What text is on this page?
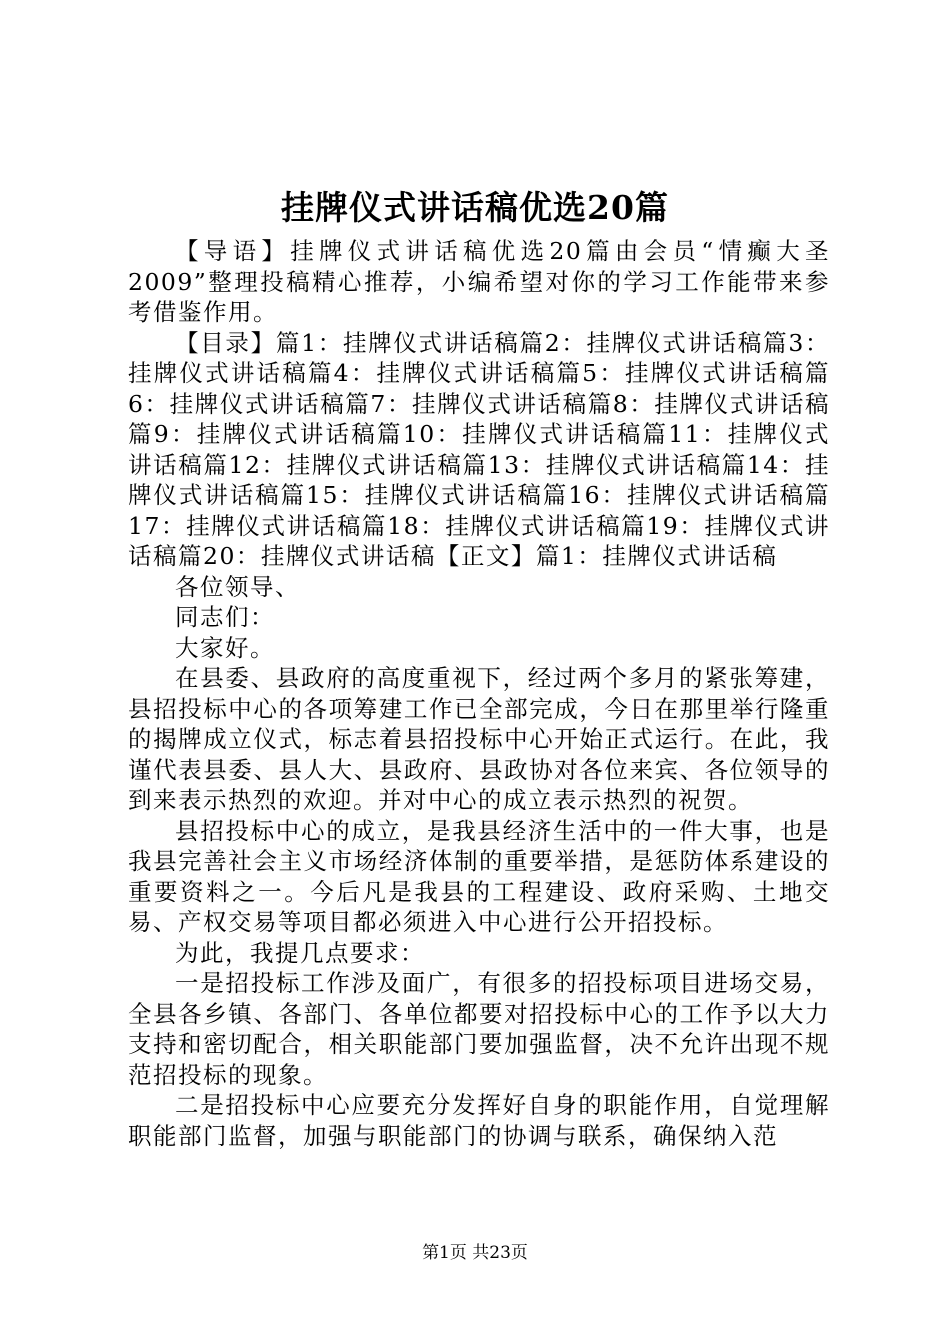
挂牌仪式讲话稿优选20篇

【导语】挂牌仪式讲话稿优选20篇由会员“情癫大圣2009”整理投稿精心推荐，小编希望对你的学习工作能带来参考借鉴作用。

【目录】篇1：挂牌仪式讲话稿篇2：挂牌仪式讲话稿篇3：挂牌仪式讲话稿篇4：挂牌仪式讲话稿篇5：挂牌仪式讲话稿篇6：挂牌仪式讲话稿篇7：挂牌仪式讲话稿篇8：挂牌仪式讲话稿篇9：挂牌仪式讲话稿篇10：挂牌仪式讲话稿篇11：挂牌仪式讲话稿篇12：挂牌仪式讲话稿篇13：挂牌仪式讲话稿篇14：挂牌仪式讲话稿篇15：挂牌仪式讲话稿篇16：挂牌仪式讲话稿篇17：挂牌仪式讲话稿篇18：挂牌仪式讲话稿篇19：挂牌仪式讲话稿篇20：挂牌仪式讲话稿【正文】篇1：挂牌仪式讲话稿

各位领导、

同志们：

大家好。

在县委、县政府的高度重视下，经过两个多月的紧张筹建，县招投标中心的各项筹建工作已全部完成，今日在那里举行隆重的揭牌成立仪式，标志着县招投标中心开始正式运行。在此，我谨代表县委、县人大、县政府、县政协对各位来宾、各位领导的到来表示热烈的欢迎。并对中心的成立表示热烈的祝贺。

县招投标中心的成立，是我县经济生活中的一件大事，也是我县完善社会主义市场经济体制的重要举措，是惩防体系建设的重要资料之一。今后凡是我县的工程建设、政府采购、土地交易、产权交易等项目都必须进入中心进行公开招投标。

为此，我提几点要求：

一是招投标工作涉及面广，有很多的招投标项目进场交易，全县各乡镇、各部门、各单位都要对招投标中心的工作予以大力支持和密切配合，相关职能部门要加强监督，决不允许出现不规范招投标的现象。

二是招投标中心应要充分发挥好自身的职能作用，自觉理解职能部门监督，加强与职能部门的协调与联系，确保纳入范

第1页 共23页
